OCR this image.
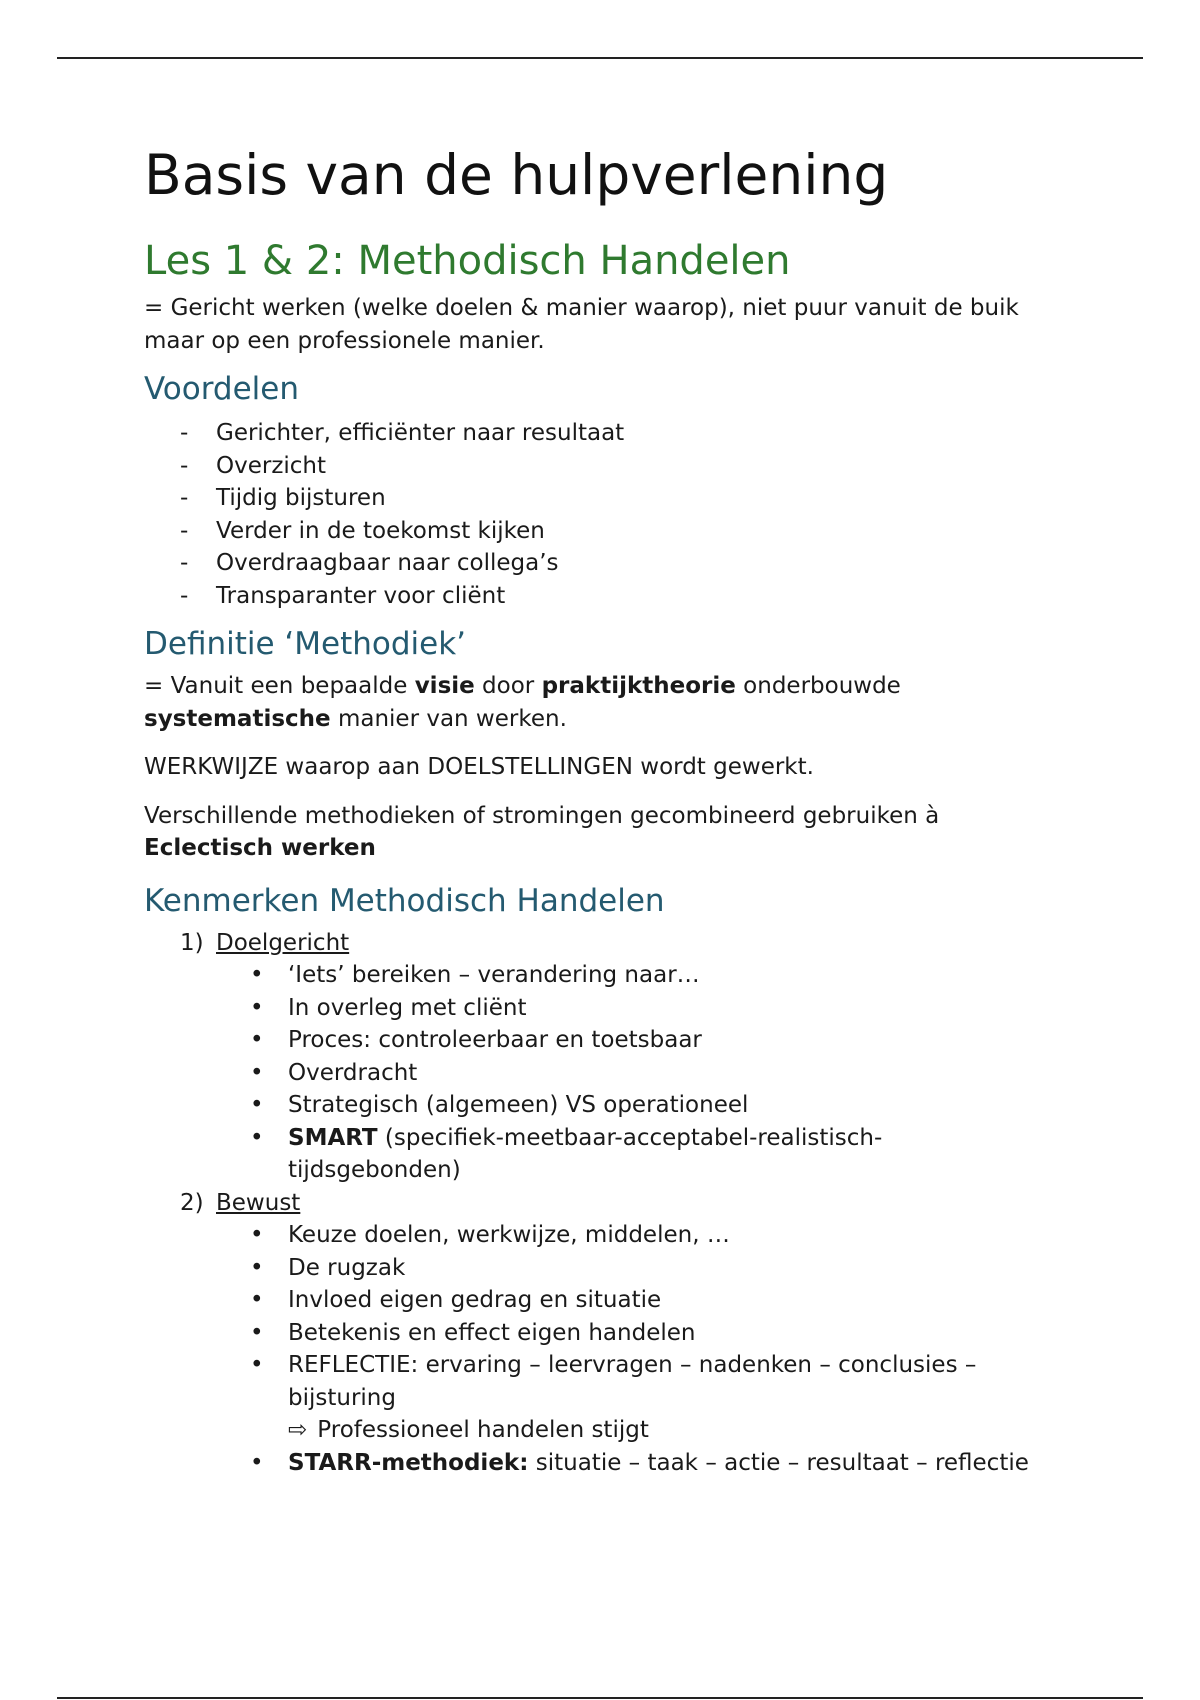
Basis van de hulpverlening
Les 1 & 2: Methodisch Handelen

= Gericht werken (welke doelen & manier waarop), niet puur vanuit de buik maar op een professionele manier.

Voordelen
- Gerichter, efficiënter naar resultaat
- Overzicht
- Tijdig bijsturen
- Verder in de toekomst kijken
- Overdraagbaar naar collega’s
- Transparanter voor cliënt
Definitie ‘Methodiek’

= Vanuit een bepaalde visie door praktijktheorie onderbouwde systematische manier van werken.

WERKWIJZE waarop aan DOELSTELLINGEN wordt gewerkt.

Verschillende methodieken of stromingen gecombineerd gebruiken à Eclectisch werken

Kenmerken Methodisch Handelen
1) Doelgericht
• ‘Iets’ bereiken – verandering naar…
• In overleg met cliënt
• Proces: controleerbaar en toetsbaar
• Overdracht
• Strategisch (algemeen) VS operationeel
• SMART (specifiek-meetbaar-acceptabel-realistisch-tijdsgebonden)
2) Bewust
• Keuze doelen, werkwijze, middelen, …
• De rugzak
• Invloed eigen gedrag en situatie
• Betekenis en effect eigen handelen
• REFLECTIE: ervaring – leervragen – nadenken – conclusies – bijsturing
⇨ Professioneel handelen stijgt
• STARR-methodiek: situatie – taak – actie – resultaat – reflectie
